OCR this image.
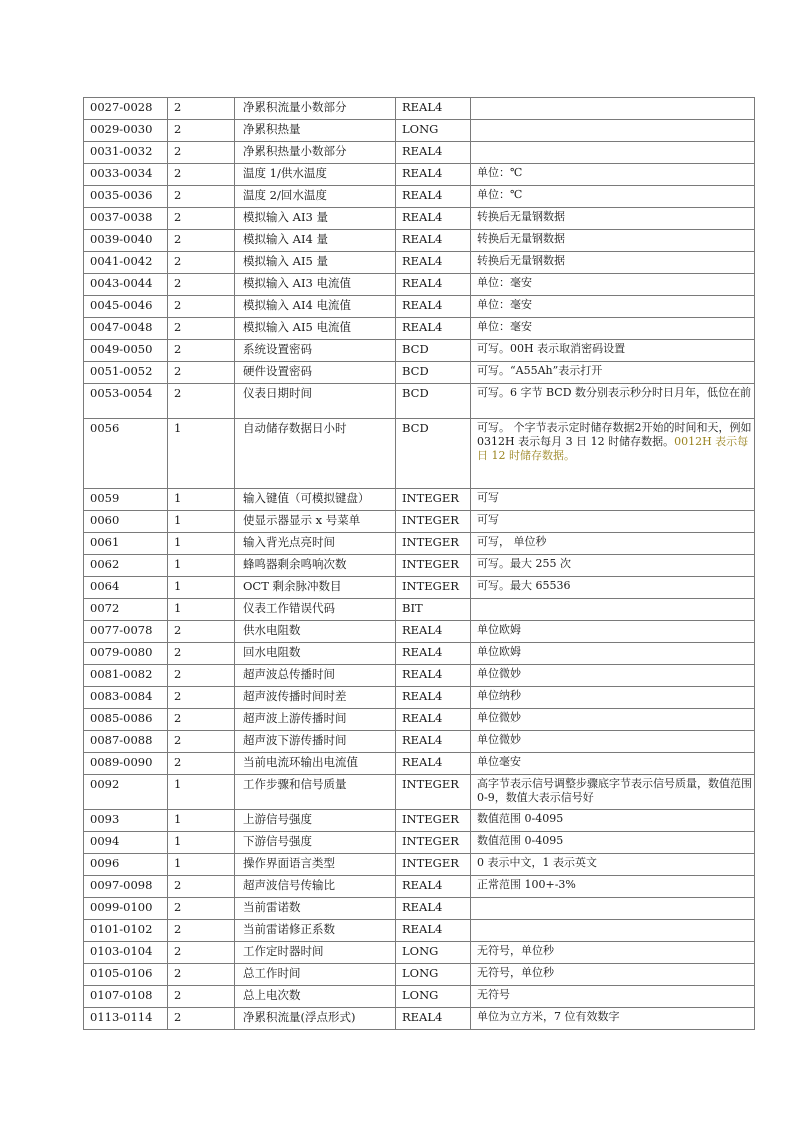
0027-0028	2	净累积流量小数部分	REAL4	
0029-0030	2	净累积热量	LONG	
0031-0032	2	净累积热量小数部分	REAL4	
0033-0034	2	温度 1/供水温度	REAL4	单位：℃
0035-0036	2	温度 2/回水温度	REAL4	单位：℃
0037-0038	2	模拟输入 AI3 量	REAL4	转换后无量钢数据
0039-0040	2	模拟输入 AI4 量	REAL4	转换后无量钢数据
0041-0042	2	模拟输入 AI5 量	REAL4	转换后无量钢数据
0043-0044	2	模拟输入 AI3 电流值	REAL4	单位：毫安
0045-0046	2	模拟输入 AI4 电流值	REAL4	单位：毫安
0047-0048	2	模拟输入 AI5 电流值	REAL4	单位：毫安
0049-0050	2	系统设置密码	BCD	可写。00H 表示取消密码设置
0051-0052	2	硬件设置密码	BCD	可写。“A55Ah”表示打开
0053-0054	2	仪表日期时间	BCD	可写。6 字节 BCD 数分别表示秒分时日月年，低位在前
0056	1	自动储存数据日小时	BCD	可写。 个字节表示定时储存数据2开始的时间和天，例如 0312H 表示每月 3 日 12 时储存数据。0012H 表示每日 12 时储存数据。
0059	1	输入键值（可模拟键盘）	INTEGER	可写
0060	1	使显示器显示 x 号菜单	INTEGER	可写
0061	1	输入背光点亮时间	INTEGER	可写， 单位秒
0062	1	蜂鸣器剩余鸣响次数	INTEGER	可写。最大 255 次
0064	1	OCT 剩余脉冲数目	INTEGER	可写。最大 65536
0072	1	仪表工作错误代码	BIT	
0077-0078	2	供水电阻数	REAL4	单位欧姆
0079-0080	2	回水电阻数	REAL4	单位欧姆
0081-0082	2	超声波总传播时间	REAL4	单位微妙
0083-0084	2	超声波传播时间时差	REAL4	单位纳秒
0085-0086	2	超声波上游传播时间	REAL4	单位微妙
0087-0088	2	超声波下游传播时间	REAL4	单位微妙
0089-0090	2	当前电流环输出电流值	REAL4	单位毫安
0092	1	工作步骤和信号质量	INTEGER	高字节表示信号调整步骤底字节表示信号质量，数值范围0-9，数值大表示信号好
0093	1	上游信号强度	INTEGER	数值范围 0-4095
0094	1	下游信号强度	INTEGER	数值范围 0-4095
0096	1	操作界面语言类型	INTEGER	0 表示中文，1 表示英文
0097-0098	2	超声波信号传输比	REAL4	正常范围 100+-3%
0099-0100	2	当前雷诺数	REAL4	
0101-0102	2	当前雷诺修正系数	REAL4	
0103-0104	2	工作定时器时间	LONG	无符号，单位秒
0105-0106	2	总工作时间	LONG	无符号，单位秒
0107-0108	2	总上电次数	LONG	无符号
0113-0114	2	净累积流量(浮点形式)	REAL4	单位为立方米，7 位有效数字
